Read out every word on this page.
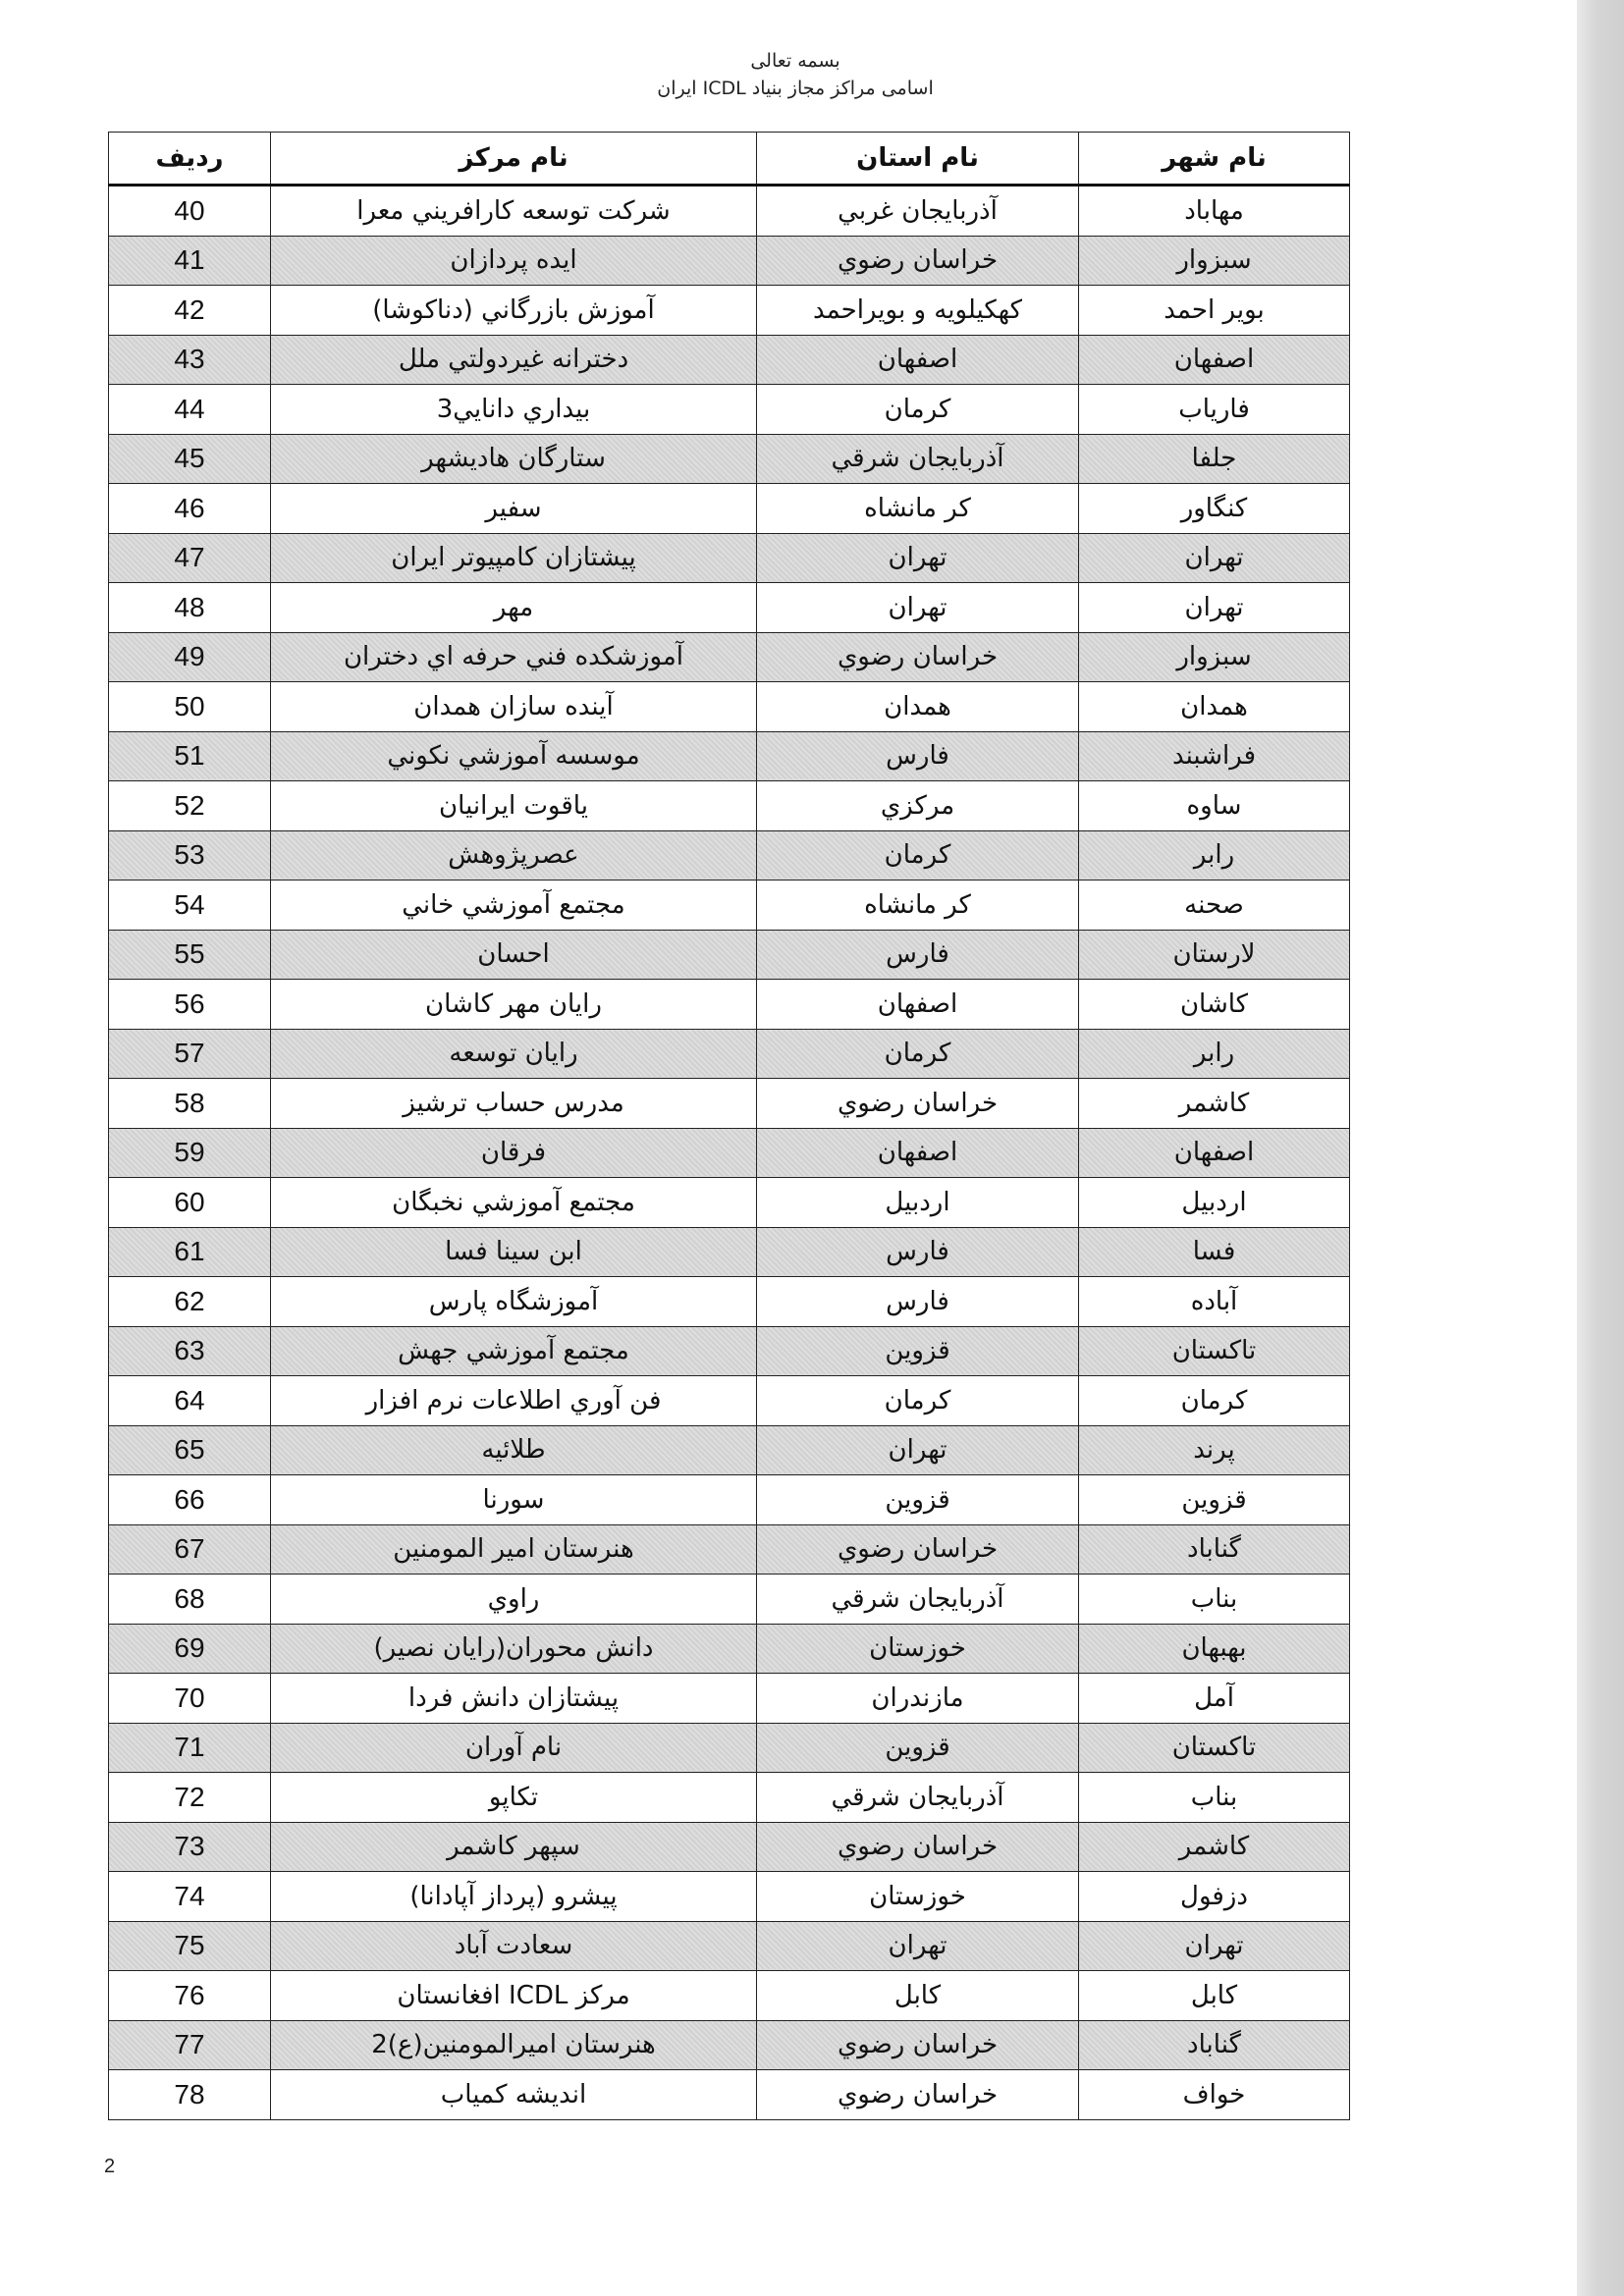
بسمه تعالی
اسامی مراکز مجاز بنیاد ICDL ایران
نام شهر	نام استان	نام مرکز	رديف
مهاباد	آذربايجان غربي	شرکت توسعه کارافريني معرا	40
سبزوار	خراسان رضوي	ايده پردازان	41
بوير احمد	کهکيلويه و بويراحمد	آموزش بازرگاني (دناکوشا)	42
اصفهان	اصفهان	دخترانه غيردولتي ملل	43
فارياب	کرمان	بيداري دانايي3	44
جلفا	آذربايجان شرقي	ستارگان هاديشهر	45
کنگاور	کر مانشاه	سفير	46
تهران	تهران	پيشتازان کامپيوتر ايران	47
تهران	تهران	مهر	48
سبزوار	خراسان رضوي	آموزشکده فني حرفه اي دختران	49
همدان	همدان	آينده سازان همدان	50
فراشبند	فارس	موسسه آموزشي نکوني	51
ساوه	مرکزي	ياقوت ايرانيان	52
رابر	کرمان	عصرپژوهش	53
صحنه	کر مانشاه	مجتمع آموزشي خاني	54
لارستان	فارس	احسان	55
کاشان	اصفهان	رايان مهر کاشان	56
رابر	کرمان	رايان توسعه	57
کاشمر	خراسان رضوي	مدرس حساب ترشيز	58
اصفهان	اصفهان	فرقان	59
اردبيل	اردبيل	مجتمع آموزشي نخبگان	60
فسا	فارس	ابن سينا فسا	61
آباده	فارس	آموزشگاه پارس	62
تاکستان	قزوين	مجتمع آموزشي جهش	63
کرمان	کرمان	فن آوري اطلاعات نرم افزار	64
پرند	تهران	طلائيه	65
قزوين	قزوين	سورنا	66
گناباد	خراسان رضوي	هنرستان امير المومنين	67
بناب	آذربايجان شرقي	راوي	68
بهبهان	خوزستان	دانش محوران(رايان نصير)	69
آمل	مازندران	پيشتازان دانش فردا	70
تاکستان	قزوين	نام آوران	71
بناب	آذربايجان شرقي	تکاپو	72
کاشمر	خراسان رضوي	سپهر کاشمر	73
دزفول	خوزستان	پيشرو (پرداز آپادانا)	74
تهران	تهران	سعادت آباد	75
کابل	کابل	مرکز ICDL افغانستان	76
گناباد	خراسان رضوي	هنرستان اميرالمومنين(ع)2	77
خواف	خراسان رضوي	انديشه کمياب	78
2
